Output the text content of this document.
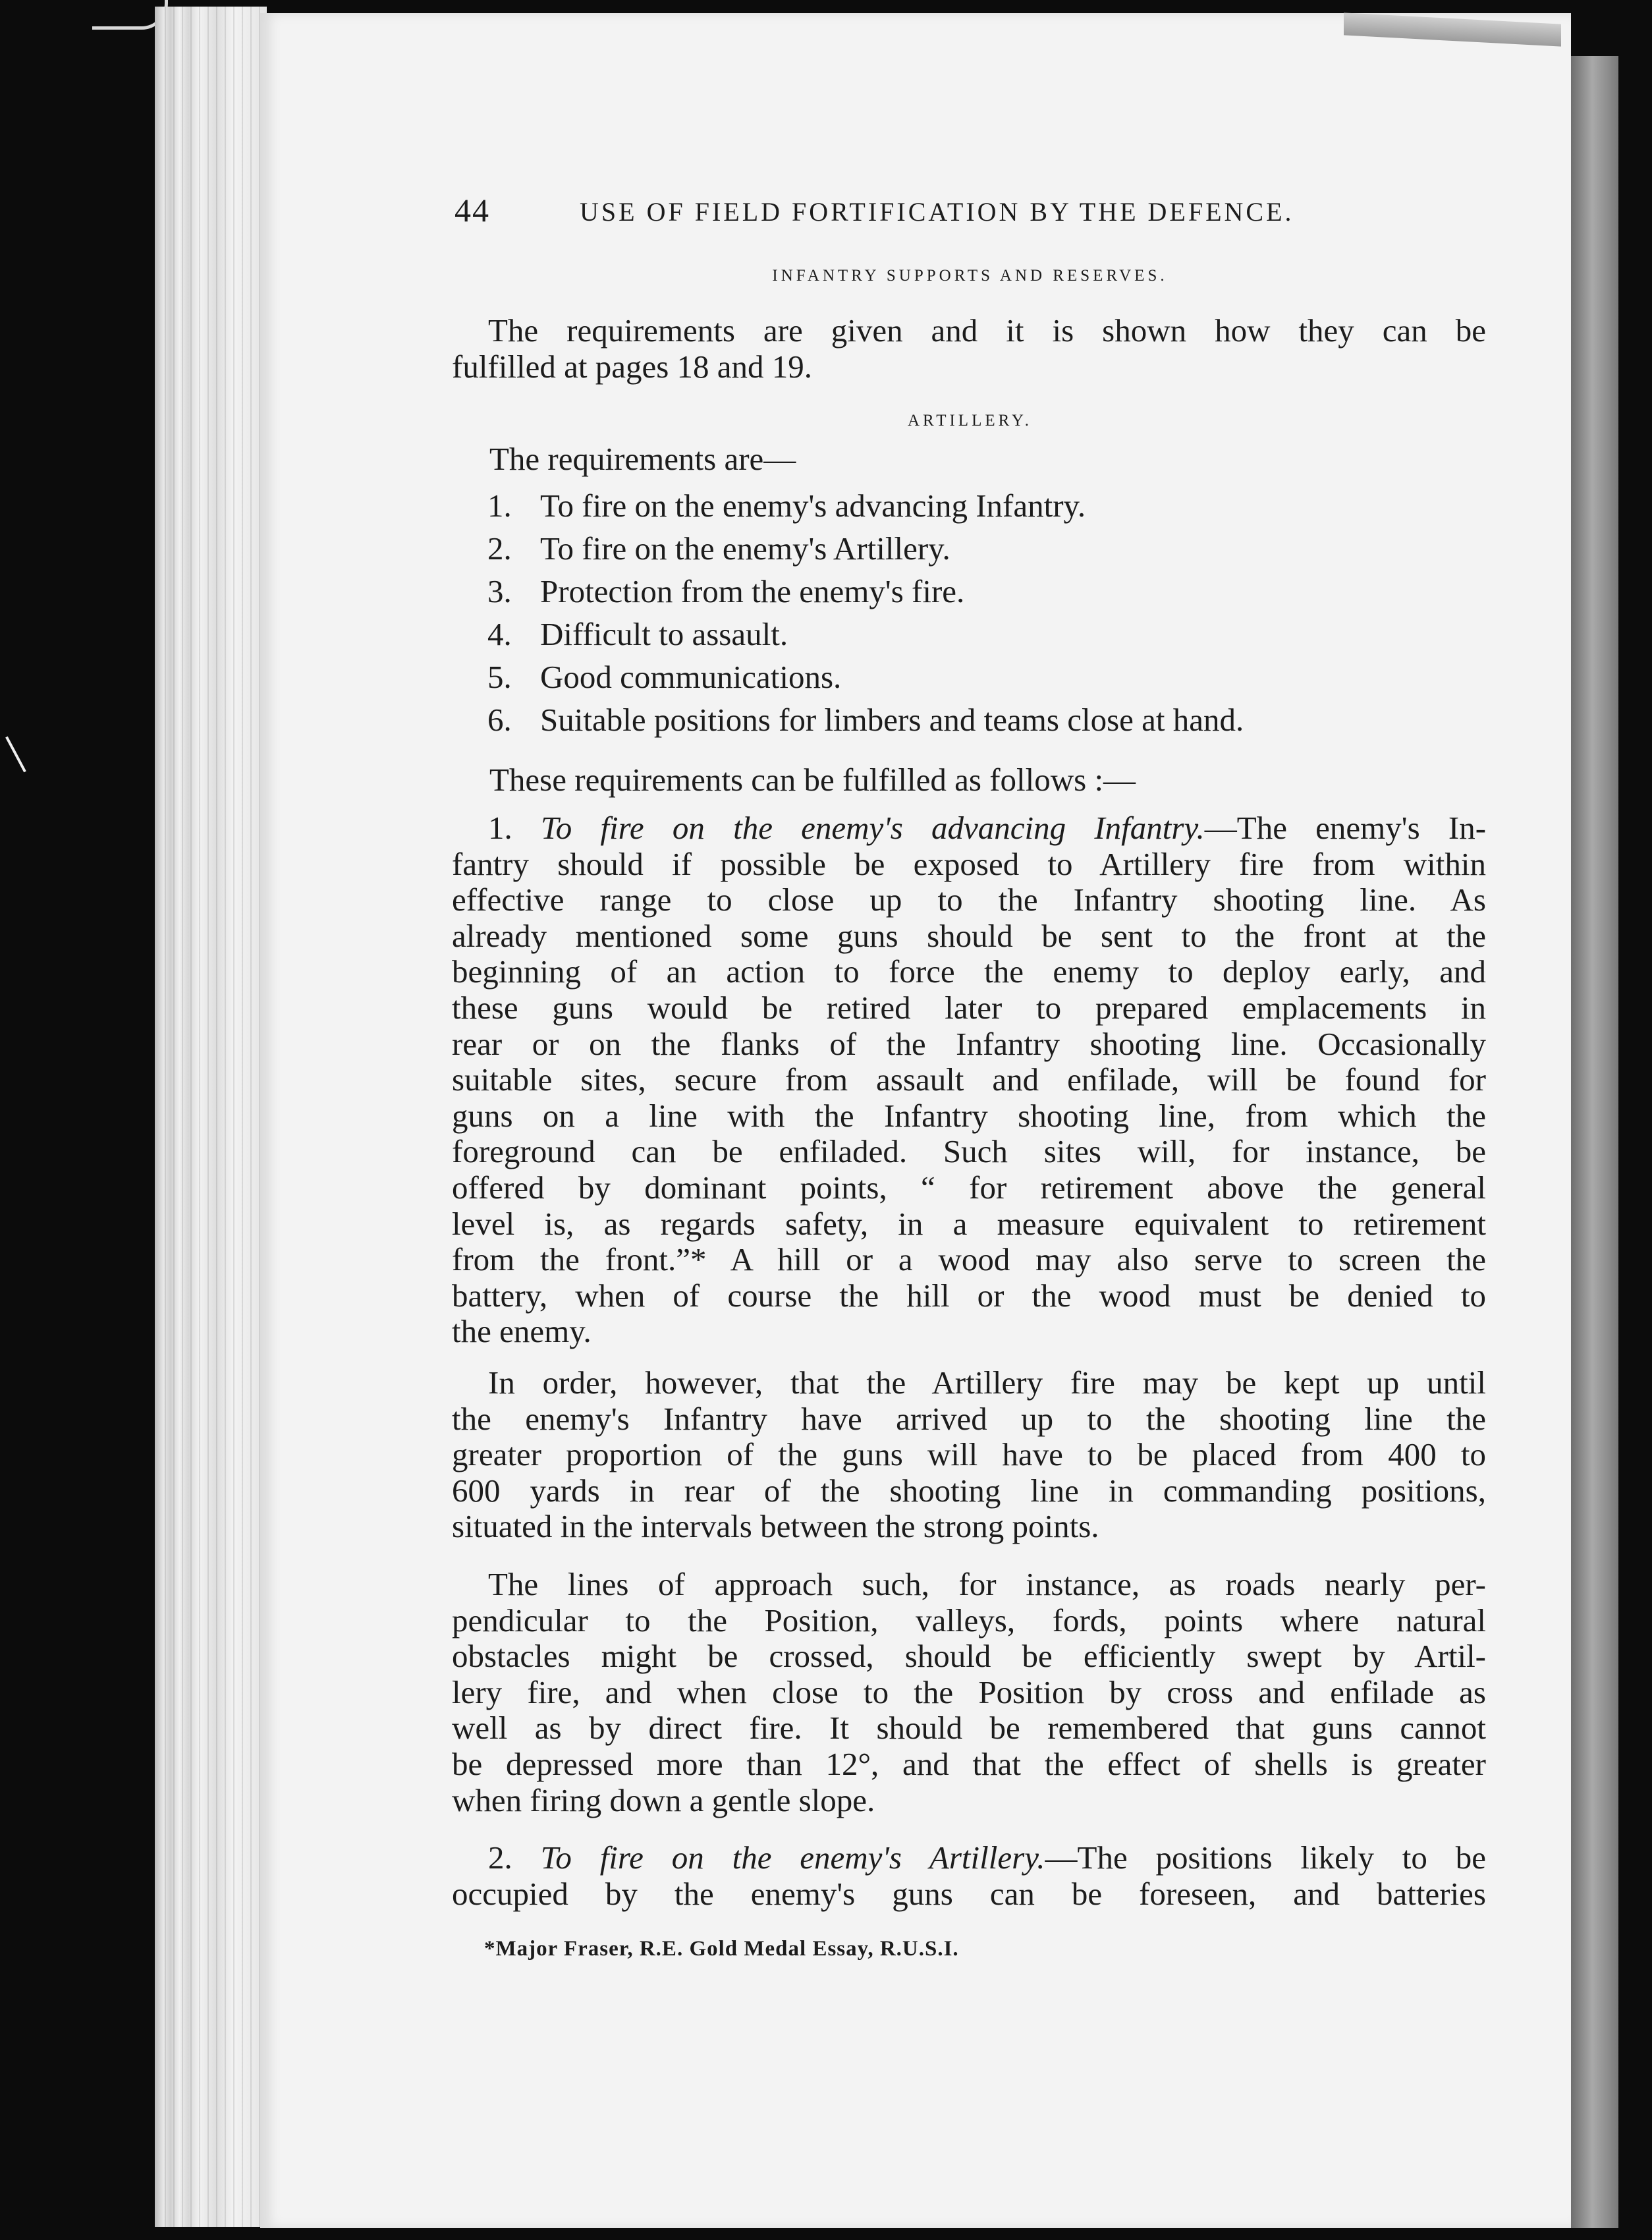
44	USE OF FIELD FORTIFICATION BY THE DEFENCE.
INFANTRY SUPPORTS AND RESERVES.
The requirements are given and it is shown how they can be
fulfilled at pages 18 and 19.
ARTILLERY.
The requirements are—
1. To fire on the enemy's advancing Infantry.
2. To fire on the enemy's Artillery.
3. Protection from the enemy's fire.
4. Difficult to assault.
5. Good communications.
6. Suitable positions for limbers and teams close at hand.
These requirements can be fulfilled as follows :—
1. To fire on the enemy's advancing Infantry.—The enemy's In-
fantry should if possible be exposed to Artillery fire from within
effective range to close up to the Infantry shooting line. As
already mentioned some guns should be sent to the front at the
beginning of an action to force the enemy to deploy early, and
these guns would be retired later to prepared emplacements in
rear or on the flanks of the Infantry shooting line. Occasionally
suitable sites, secure from assault and enfilade, will be found for
guns on a line with the Infantry shooting line, from which the
foreground can be enfiladed. Such sites will, for instance, be
offered by dominant points, “ for retirement above the general
level is, as regards safety, in a measure equivalent to retirement
from the front.”* A hill or a wood may also serve to screen the
battery, when of course the hill or the wood must be denied to
the enemy.
In order, however, that the Artillery fire may be kept up until
the enemy's Infantry have arrived up to the shooting line the
greater proportion of the guns will have to be placed from 400 to
600 yards in rear of the shooting line in commanding positions,
situated in the intervals between the strong points.
The lines of approach such, for instance, as roads nearly per-
pendicular to the Position, valleys, fords, points where natural
obstacles might be crossed, should be efficiently swept by Artil-
lery fire, and when close to the Position by cross and enfilade as
well as by direct fire. It should be remembered that guns cannot
be depressed more than 12°, and that the effect of shells is greater
when firing down a gentle slope.
2. To fire on the enemy's Artillery.—The positions likely to be
occupied by the enemy's guns can be foreseen, and batteries
*Major Fraser, R.E. Gold Medal Essay, R.U.S.I.
